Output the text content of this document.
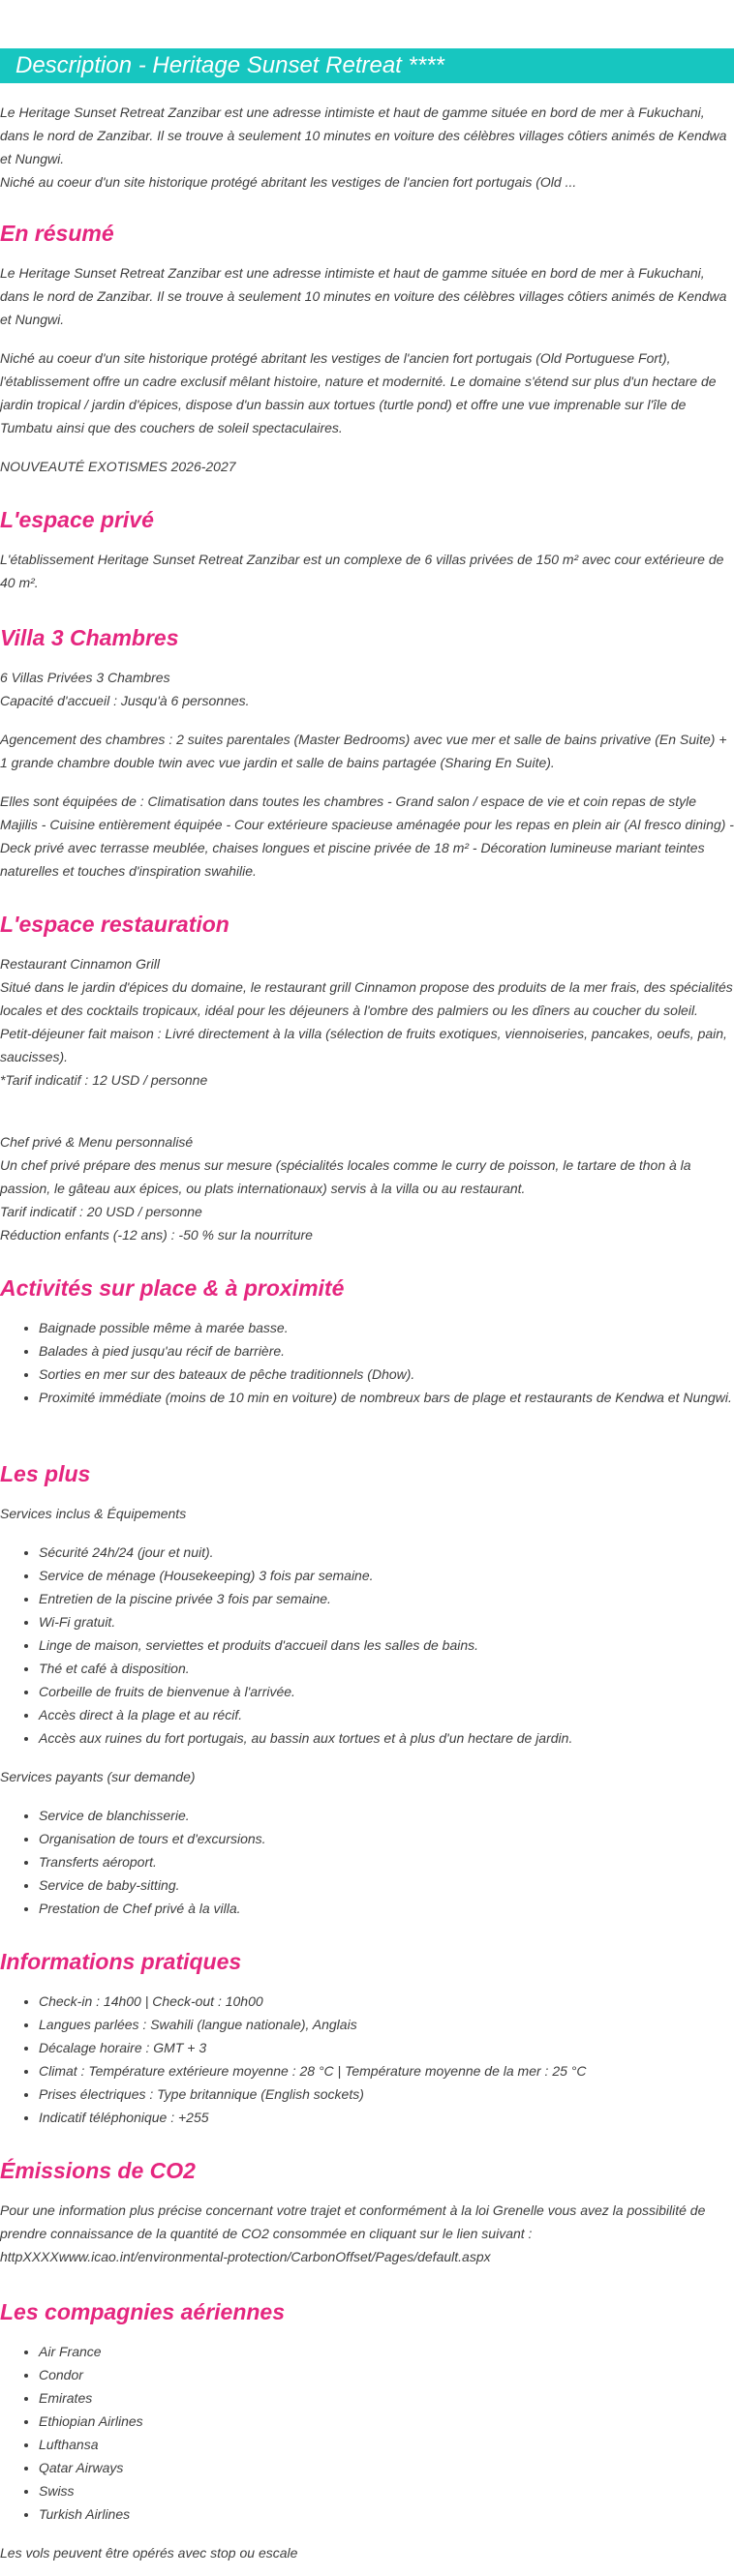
Description - Heritage Sunset Retreat ****

Le Heritage Sunset Retreat Zanzibar est une adresse intimiste et haut de gamme située en bord de mer à Fukuchani, dans le nord de Zanzibar. Il se trouve à seulement 10 minutes en voiture des célèbres villages côtiers animés de Kendwa et Nungwi.

Niché au coeur d'un site historique protégé abritant les vestiges de l'ancien fort portugais (Old ...

En résumé

Le Heritage Sunset Retreat Zanzibar est une adresse intimiste et haut de gamme située en bord de mer à Fukuchani, dans le nord de Zanzibar. Il se trouve à seulement 10 minutes en voiture des célèbres villages côtiers animés de Kendwa et Nungwi.

Niché au coeur d'un site historique protégé abritant les vestiges de l'ancien fort portugais (Old Portuguese Fort), l'établissement offre un cadre exclusif mêlant histoire, nature et modernité. Le domaine s'étend sur plus d'un hectare de jardin tropical / jardin d'épices, dispose d'un bassin aux tortues (turtle pond) et offre une vue imprenable sur l'île de Tumbatu ainsi que des couchers de soleil spectaculaires.

NOUVEAUTÉ EXOTISMES 2026-2027

L'espace privé

L'établissement Heritage Sunset Retreat Zanzibar est un complexe de 6 villas privées de 150 m² avec cour extérieure de 40 m².

Villa 3 Chambres

6 Villas Privées 3 Chambres

Capacité d'accueil : Jusqu'à 6 personnes.

Agencement des chambres : 2 suites parentales (Master Bedrooms) avec vue mer et salle de bains privative (En Suite) + 1 grande chambre double twin avec vue jardin et salle de bains partagée (Sharing En Suite).

Elles sont équipées de : Climatisation dans toutes les chambres - Grand salon / espace de vie et coin repas de style Majilis - Cuisine entièrement équipée - Cour extérieure spacieuse aménagée pour les repas en plein air (Al fresco dining) - Deck privé avec terrasse meublée, chaises longues et piscine privée de 18 m² - Décoration lumineuse mariant teintes naturelles et touches d'inspiration swahilie.

L'espace restauration

Restaurant Cinnamon Grill

Situé dans le jardin d'épices du domaine, le restaurant grill Cinnamon propose des produits de la mer frais, des spécialités locales et des cocktails tropicaux, idéal pour les déjeuners à l'ombre des palmiers ou les dîners au coucher du soleil.

Petit-déjeuner fait maison : Livré directement à la villa (sélection de fruits exotiques, viennoiseries, pancakes, oeufs, pain, saucisses).

*Tarif indicatif : 12 USD / personne

Chef privé & Menu personnalisé

Un chef privé prépare des menus sur mesure (spécialités locales comme le curry de poisson, le tartare de thon à la passion, le gâteau aux épices, ou plats internationaux) servis à la villa ou au restaurant.

Tarif indicatif : 20 USD / personne

Réduction enfants (-12 ans) : -50 % sur la nourriture

Activités sur place & à proximité
• Baignade possible même à marée basse.
• Balades à pied jusqu'au récif de barrière.
• Sorties en mer sur des bateaux de pêche traditionnels (Dhow).
• Proximité immédiate (moins de 10 min en voiture) de nombreux bars de plage et restaurants de Kendwa et Nungwi.
Les plus

Services inclus & Équipements

• Sécurité 24h/24 (jour et nuit).
• Service de ménage (Housekeeping) 3 fois par semaine.
• Entretien de la piscine privée 3 fois par semaine.
• Wi-Fi gratuit.
• Linge de maison, serviettes et produits d'accueil dans les salles de bains.
• Thé et café à disposition.
• Corbeille de fruits de bienvenue à l'arrivée.
• Accès direct à la plage et au récif.
• Accès aux ruines du fort portugais, au bassin aux tortues et à plus d'un hectare de jardin.

Services payants (sur demande)

• Service de blanchisserie.
• Organisation de tours et d'excursions.
• Transferts aéroport.
• Service de baby-sitting.
• Prestation de Chef privé à la villa.
Informations pratiques
• Check-in : 14h00 | Check-out : 10h00
• Langues parlées : Swahili (langue nationale), Anglais
• Décalage horaire : GMT + 3
• Climat : Température extérieure moyenne : 28 °C | Température moyenne de la mer : 25 °C
• Prises électriques : Type britannique (English sockets)
• Indicatif téléphonique : +255
Émissions de CO2

Pour une information plus précise concernant votre trajet et conformément à la loi Grenelle vous avez la possibilité de prendre connaissance de la quantité de CO2 consommée en cliquant sur le lien suivant :
httpXXXXwww.icao.int/environmental-protection/CarbonOffset/Pages/default.aspx

Les compagnies aériennes
• Air France
• Condor
• Emirates
• Ethiopian Airlines
• Lufthansa
• Qatar Airways
• Swiss
• Turkish Airlines

Les vols peuvent être opérés avec stop ou escale
